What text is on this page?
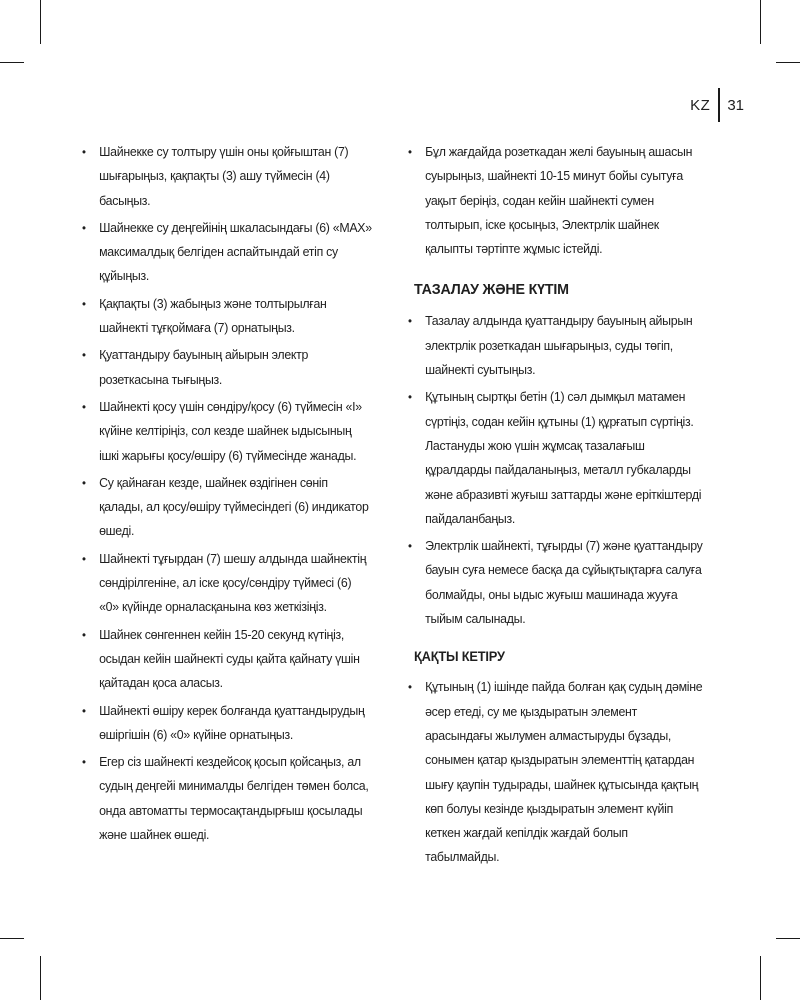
KZ 31
• Шайнекке су толтыру үшін оны қойғыштан (7) шығарыңыз, қақпақты (3) ашу түймесін (4) басыңыз.
• Шайнекке су деңгейінің шкаласындағы (6) «MAX» максималдық белгіден аспайтындай етіп су құйыңыз.
• Қақпақты (3) жабыңыз және толтырылған шайнекті тұғқоймаға (7) орнатыңыз.
• Қуаттандыру бауының айырын электр розеткасына тығыңыз.
• Шайнекті қосу үшін сөндіру/қосу (6) түймесін «I» күйіне келтіріңіз, сол кезде шайнек ыдысының ішкі жарығы қосу/өшіру (6) түймесінде жанады.
• Су қайнаған кезде, шайнек өздігінен сөніп қалады, ал қосу/өшіру түймесіндегі (6) индикатор өшеді.
• Шайнекті тұғырдан (7) шешу алдында шайнектің сөндірілгеніне, ал іске қосу/сөндіру түймесі (6) «0» күйінде орналасқанына көз жеткізіңіз.
• Шайнек сөнгеннен кейін 15-20 секунд күтіңіз, осыдан кейін шайнекті суды қайта қайнату үшін қайтадан қоса аласыз.
• Шайнекті өшіру керек болғанда қуаттандырудың өшіргішін (6) «0» күйіне орнатыңыз.
• Егер сіз шайнекті кездейсоқ қосып қойсаңыз, ал судың деңгейі минималды белгіден төмен болса, онда автоматты термосақтандырғыш қосылады және шайнек өшеді.
• Бұл жағдайда розеткадан желі бауының ашасын суырыңыз, шайнекті 10-15 минут бойы суытуға уақыт беріңіз, содан кейін шайнекті сумен толтырып, іске қосыңыз, Электрлік шайнек қалыпты тәртіпте жұмыс істейді.
ТАЗАЛАУ ЖӘНЕ КҮТІМ
• Тазалау алдында қуаттандыру бауының айырын электрлік розеткадан шығарыңыз, суды төгіп, шайнекті суытыңыз.
• Құтының сыртқы бетін (1) сәл дымқыл матамен сүртіңіз, содан кейін құтыны (1) құрғатып сүртіңіз. Ластануды жою үшін жұмсақ тазалағыш құралдарды пайдаланыңыз, металл губкаларды және абразивті жуғыш заттарды және еріткіштерді пайдаланбаңыз.
• Электрлік шайнекті, тұғырды (7) және қуаттандыру бауын суға немесе басқа да сұйықтықтарға салуға болмайды, оны ыдыс жуғыш машинада жууға тыйым салынады.
ҚАҚТЫ КЕТІРУ
• Құтының (1) ішінде пайда болған қақ судың дәміне әсер етеді, су ме қыздыратын элемент арасындағы жылумен алмастыруды бұзады, сонымен қатар қыздыратын элементтің қатардан шығу қаупін тудырады, шайнек құтысында қақтың көп болуы кезінде қыздыратын элемент күйіп кеткен жағдай кепілдік жағдай болып табылмайды.
